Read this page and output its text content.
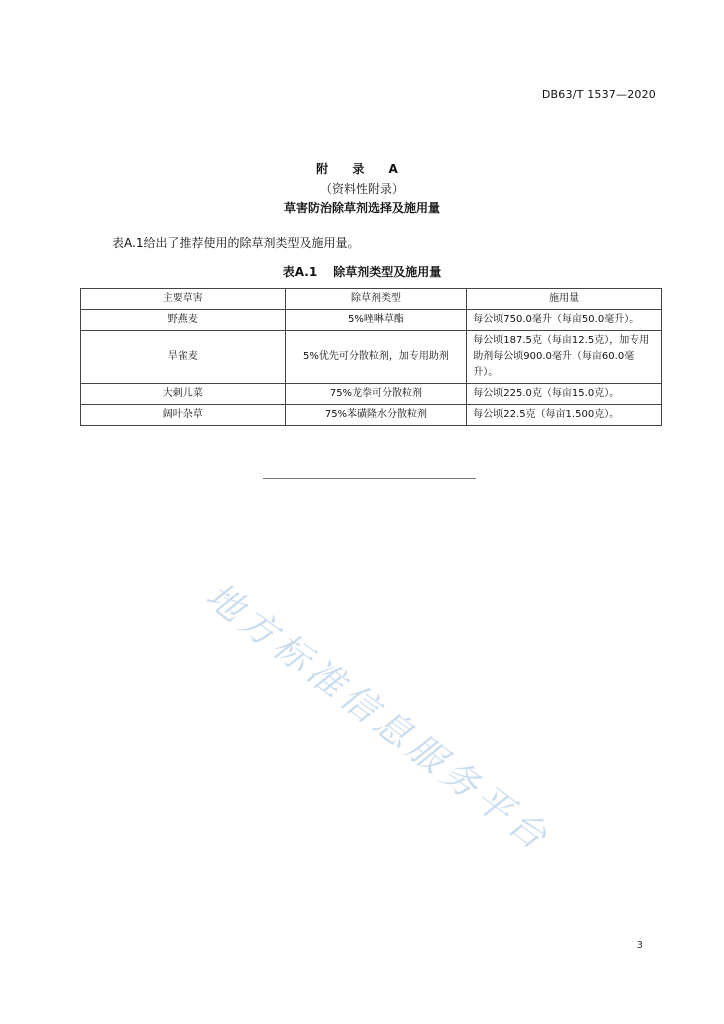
DB63/T 1537—2020
附 录 A
（资料性附录）
草害防治除草剂选择及施用量
表A.1给出了推荐使用的除草剂类型及施用量。
表A.1 除草剂类型及施用量
主要草害	除草剂类型	施用量
野燕麦	5%唑啉草酯	每公顷750.0毫升（每亩50.0毫升）。
旱雀麦	5%优先可分散粒剂，加专用助剂	每公顷187.5克（每亩12.5克），加专用助剂每公顷900.0毫升（每亩60.0毫升）。
大刺儿菜	75%龙拳可分散粒剂	每公顷225.0克（每亩15.0克）。
阔叶杂草	75%苯磺隆水分散粒剂	每公顷22.5克（每亩1.500克）。
地方标准信息服务平台
3
